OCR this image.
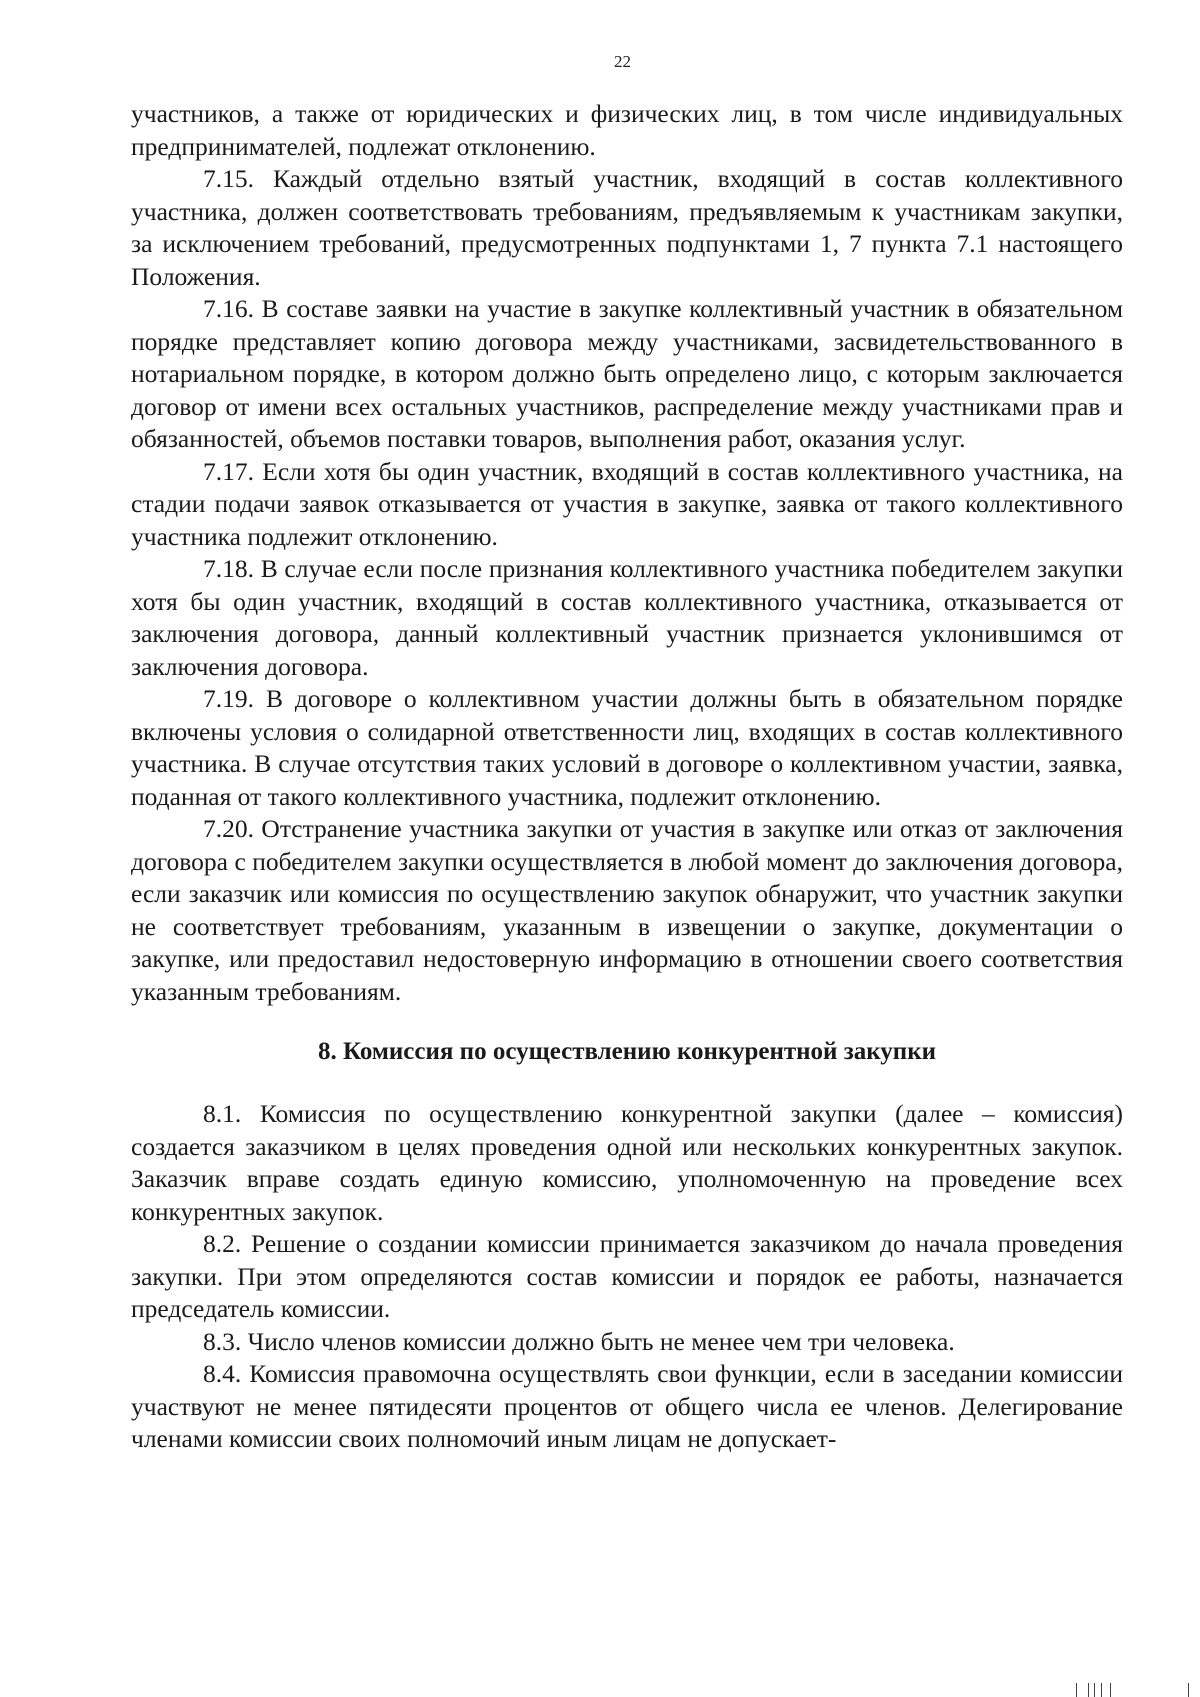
22

участников, а также от юридических и физических лиц, в том числе индивидуальных предпринимателей, подлежат отклонению.

7.15. Каждый отдельно взятый участник, входящий в состав коллективного участника, должен соответствовать требованиям, предъявляемым к участникам закупки, за исключением требований, предусмотренных подпунктами 1, 7 пункта 7.1 настоящего Положения.

7.16. В составе заявки на участие в закупке коллективный участник в обязательном порядке представляет копию договора между участниками, засвидетельствованного в нотариальном порядке, в котором должно быть определено лицо, с которым заключается договор от имени всех остальных участников, распределение между участниками прав и обязанностей, объемов поставки товаров, выполнения работ, оказания услуг.

7.17. Если хотя бы один участник, входящий в состав коллективного участника, на стадии подачи заявок отказывается от участия в закупке, заявка от такого коллективного участника подлежит отклонению.

7.18. В случае если после признания коллективного участника победителем закупки хотя бы один участник, входящий в состав коллективного участника, отказывается от заключения договора, данный коллективный участник признается уклонившимся от заключения договора.

7.19. В договоре о коллективном участии должны быть в обязательном порядке включены условия о солидарной ответственности лиц, входящих в состав коллективного участника. В случае отсутствия таких условий в договоре о коллективном участии, заявка, поданная от такого коллективного участника, подлежит отклонению.

7.20. Отстранение участника закупки от участия в закупке или отказ от заключения договора с победителем закупки осуществляется в любой момент до заключения договора, если заказчик или комиссия по осуществлению закупок обнаружит, что участник закупки не соответствует требованиям, указанным в извещении о закупке, документации о закупке, или предоставил недостоверную информацию в отношении своего соответствия указанным требованиям.

8. Комиссия по осуществлению конкурентной закупки

8.1. Комиссия по осуществлению конкурентной закупки (далее – комиссия) создается заказчиком в целях проведения одной или нескольких конкурентных закупок. Заказчик вправе создать единую комиссию, уполномоченную на проведение всех конкурентных закупок.

8.2. Решение о создании комиссии принимается заказчиком до начала проведения закупки. При этом определяются состав комиссии и порядок ее работы, назначается председатель комиссии.

8.3. Число членов комиссии должно быть не менее чем три человека.

8.4. Комиссия правомочна осуществлять свои функции, если в заседании комиссии участвуют не менее пятидесяти процентов от общего числа ее членов. Делегирование членами комиссии своих полномочий иным лицам не допускает-
